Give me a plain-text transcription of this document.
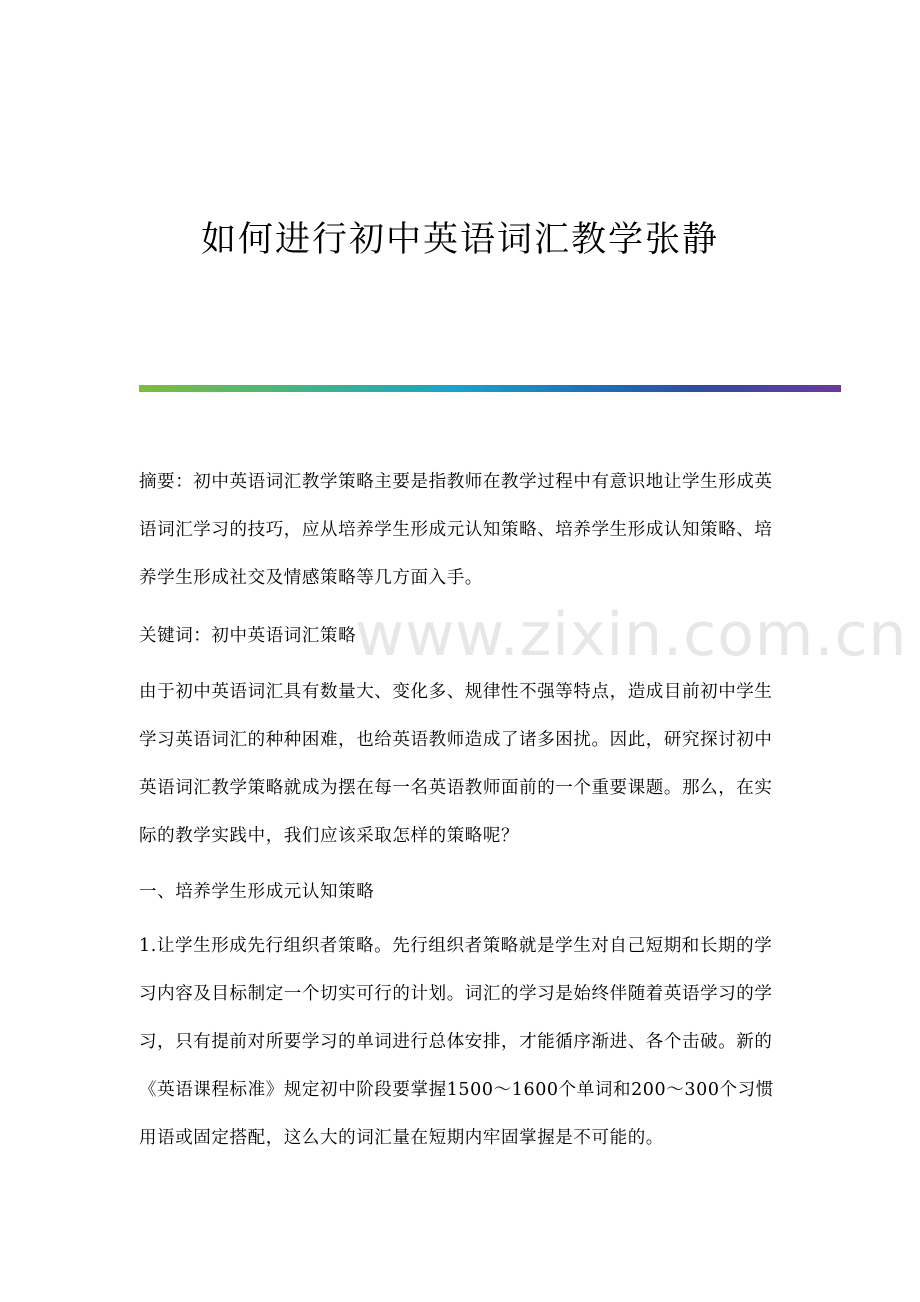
如何进行初中英语词汇教学张静
www.zixin.com.cn

摘要：初中英语词汇教学策略主要是指教师在教学过程中有意识地让学生形成英语词汇学习的技巧，应从培养学生形成元认知策略、培养学生形成认知策略、培养学生形成社交及情感策略等几方面入手。

关键词：初中英语词汇策略

由于初中英语词汇具有数量大、变化多、规律性不强等特点，造成目前初中学生学习英语词汇的种种困难，也给英语教师造成了诸多困扰。因此，研究探讨初中英语词汇教学策略就成为摆在每一名英语教师面前的一个重要课题。那么，在实际的教学实践中，我们应该采取怎样的策略呢？

一、培养学生形成元认知策略

1.让学生形成先行组织者策略。先行组织者策略就是学生对自己短期和长期的学习内容及目标制定一个切实可行的计划。词汇的学习是始终伴随着英语学习的学习，只有提前对所要学习的单词进行总体安排，才能循序渐进、各个击破。新的《英语课程标准》规定初中阶段要掌握1500～1600个单词和200～300个习惯用语或固定搭配，这么大的词汇量在短期内牢固掌握是不可能的。
